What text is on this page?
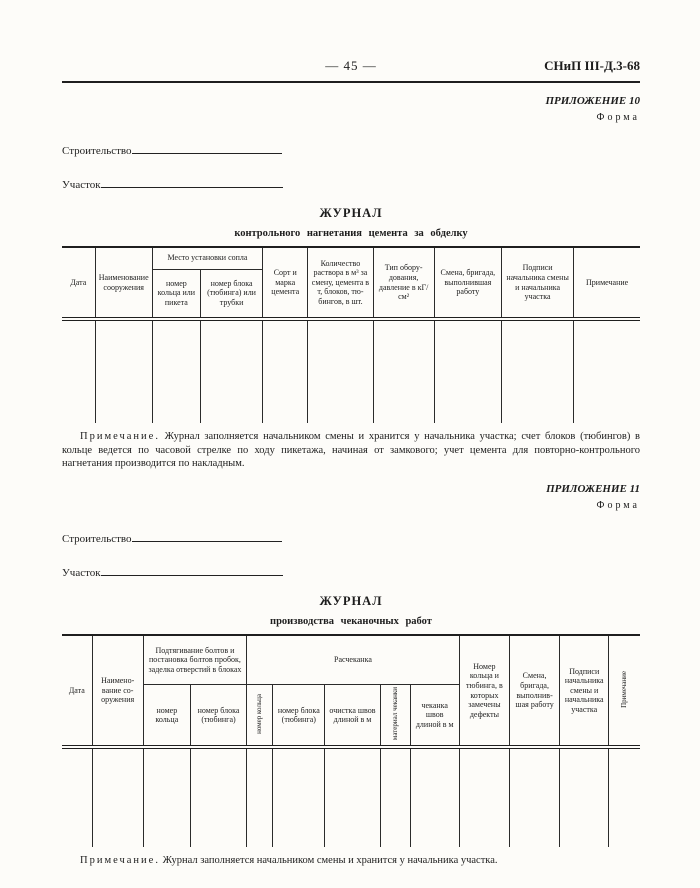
— 45 —	СНиП III-Д.3-68
ПРИЛОЖЕНИЕ 10
Форма
Строительство
Участок
ЖУРНАЛ
контрольного нагнетания цемента за обделку
Дата	Наименование сооружения	Место установки сопла		Сорт и марка цемента	Количество раствора в м³ за смену, цемента в т, блоков, тюбингов, в шт.	Тип оборудования, давление в кГ/см²	Смена, бригада, выполнившая работу	Подписи начальника смены и начальника участка	Примечание
		номер кольца или пикета	номер блока (тюбинга) или трубки						

Примечание. Журнал заполняется начальником смены и хранится у начальника участка; счет блоков (тюбингов) в кольце ведется по часовой стрелке по ходу пикетажа, начиная от замкового; учет цемента для повторно-контрольного нагнетания производится по накладным.

ПРИЛОЖЕНИЕ 11
Форма
Строительство
Участок
ЖУРНАЛ
производства чеканочных работ
Дата	Наименование сооружения	Подтягивание болтов и постановка болтов пробок, заделка отверстий в блоках		Расчеканка					Номер кольца и тюбинга, в которых замечены дефекты	Смена, бригада, выполнившая работу	Подписи начальника смены и начальника участка	Примечание
		номер кольца	номер блока (тюбинга)	номер кольца	номер блока (тюбинга)	очистка швов длиной в м	материал чеканки	чеканка швов длиной в м				

Примечание. Журнал заполняется начальником смены и хранится у начальника участка.
